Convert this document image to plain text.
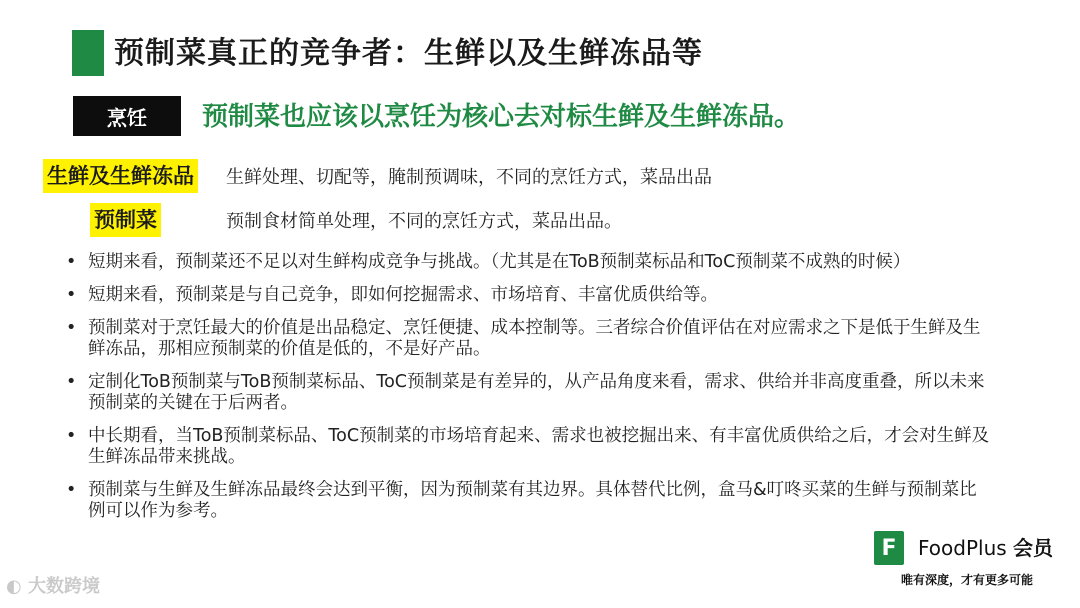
预制菜真正的竞争者：生鲜以及生鲜冻品等
烹饪	预制菜也应该以烹饪为核心去对标生鲜及生鲜冻品。
生鲜及生鲜冻品 生鲜处理、切配等，腌制预调味，不同的烹饪方式，菜品出品
预制菜	预制食材简单处理，不同的烹饪方式，菜品出品。
• 短期来看，预制菜还不足以对生鲜构成竞争与挑战。（尤其是在ToB预制菜标品和ToC预制菜不成熟的时候）
• 短期来看，预制菜是与自己竞争，即如何挖掘需求、市场培育、丰富优质供给等。
• 预制菜对于烹饪最大的价值是出品稳定、烹饪便捷、成本控制等。三者综合价值评估在对应需求之下是低于生鲜及生鲜冻品，那相应预制菜的价值是低的，不是好产品。
• 定制化ToB预制菜与ToB预制菜标品、ToC预制菜是有差异的，从产品角度来看，需求、供给并非高度重叠，所以未来预制菜的关键在于后两者。
• 中长期看，当ToB预制菜标品、ToC预制菜的市场培育起来、需求也被挖掘出来、有丰富优质供给之后，才会对生鲜及生鲜冻品带来挑战。
• 预制菜与生鲜及生鲜冻品最终会达到平衡，因为预制菜有其边界。具体替代比例，盒马&叮咚买菜的生鲜与预制菜比例可以作为参考。
◐ 大数跨境
F	FoodPlus 会员
唯有深度，才有更多可能
